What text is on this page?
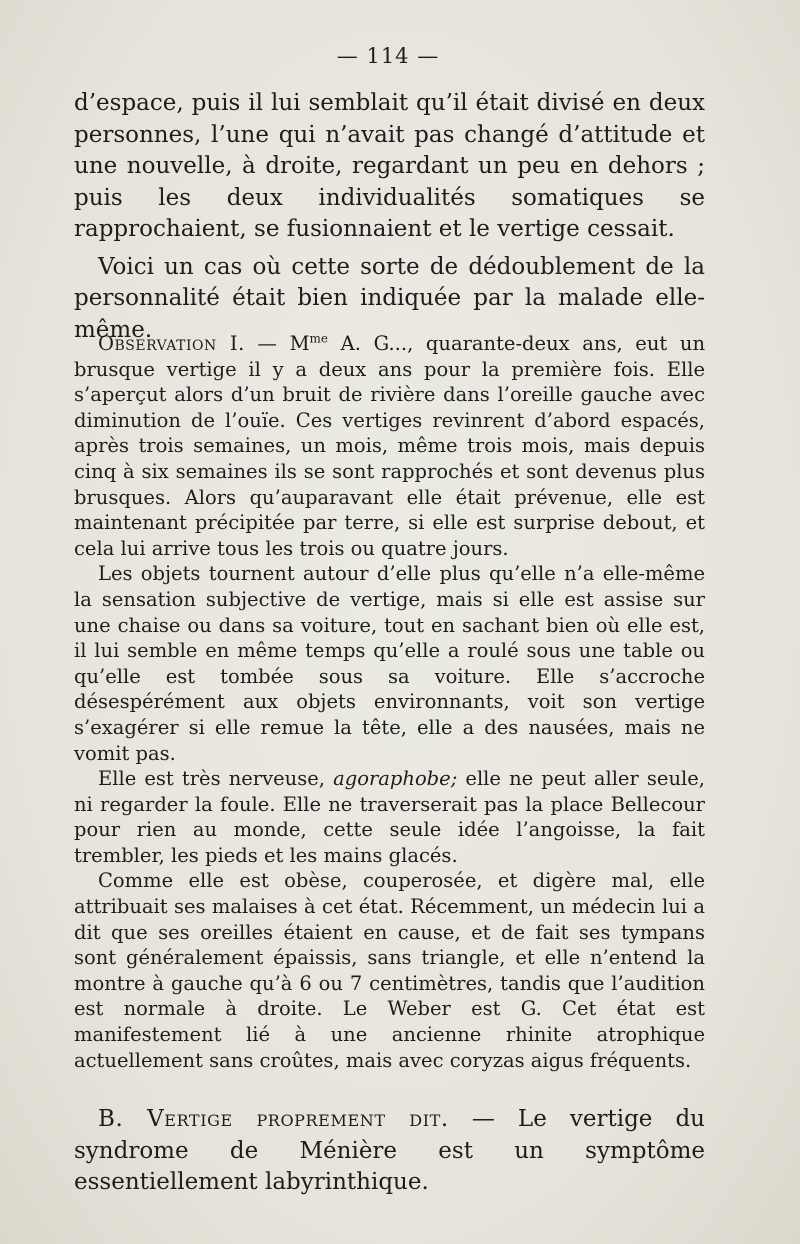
— 114 —

d’espace, puis il lui semblait qu’il était divisé en deux personnes, l’une qui n’avait pas changé d’attitude et une nouvelle, à droite, regardant un peu en dehors ; puis les deux individualités somatiques se rapprochaient, se fusionnaient et le vertige cessait.

Voici un cas où cette sorte de dédoublement de la personnalité était bien indiquée par la malade elle-même.

Observation I. — $M^{me}$ A. G..., quarante-deux ans, eut un brusque vertige il y a deux ans pour la première fois. Elle s’aperçut alors d’un bruit de rivière dans l’oreille gauche avec diminution de l’ouïe. Ces vertiges revinrent d’abord espacés, après trois semaines, un mois, même trois mois, mais depuis cinq à six semaines ils se sont rapprochés et sont devenus plus brusques. Alors qu’auparavant elle était prévenue, elle est maintenant précipitée par terre, si elle est surprise debout, et cela lui arrive tous les trois ou quatre jours.

Les objets tournent autour d’elle plus qu’elle n’a elle-même la sensation subjective de vertige, mais si elle est assise sur une chaise ou dans sa voiture, tout en sachant bien où elle est, il lui semble en même temps qu’elle a roulé sous une table ou qu’elle est tombée sous sa voiture. Elle s’accroche désespérément aux objets environnants, voit son vertige s’exagérer si elle remue la tête, elle a des nausées, mais ne vomit pas.

Elle est très nerveuse, agoraphobe; elle ne peut aller seule, ni regarder la foule. Elle ne traverserait pas la place Bellecour pour rien au monde, cette seule idée l’angoisse, la fait trembler, les pieds et les mains glacés.

Comme elle est obèse, couperosée, et digère mal, elle attribuait ses malaises à cet état. Récemment, un médecin lui a dit que ses oreilles étaient en cause, et de fait ses tympans sont généralement épaissis, sans triangle, et elle n’entend la montre à gauche qu’à 6 ou 7 centimètres, tandis que l’audition est normale à droite. Le Weber est G. Cet état est manifestement lié à une ancienne rhinite atrophique actuellement sans croûtes, mais avec coryzas aigus fréquents.

B. Vertige proprement dit. — Le vertige du syndrome de Ménière est un symptôme essentiellement labyrinthique.
